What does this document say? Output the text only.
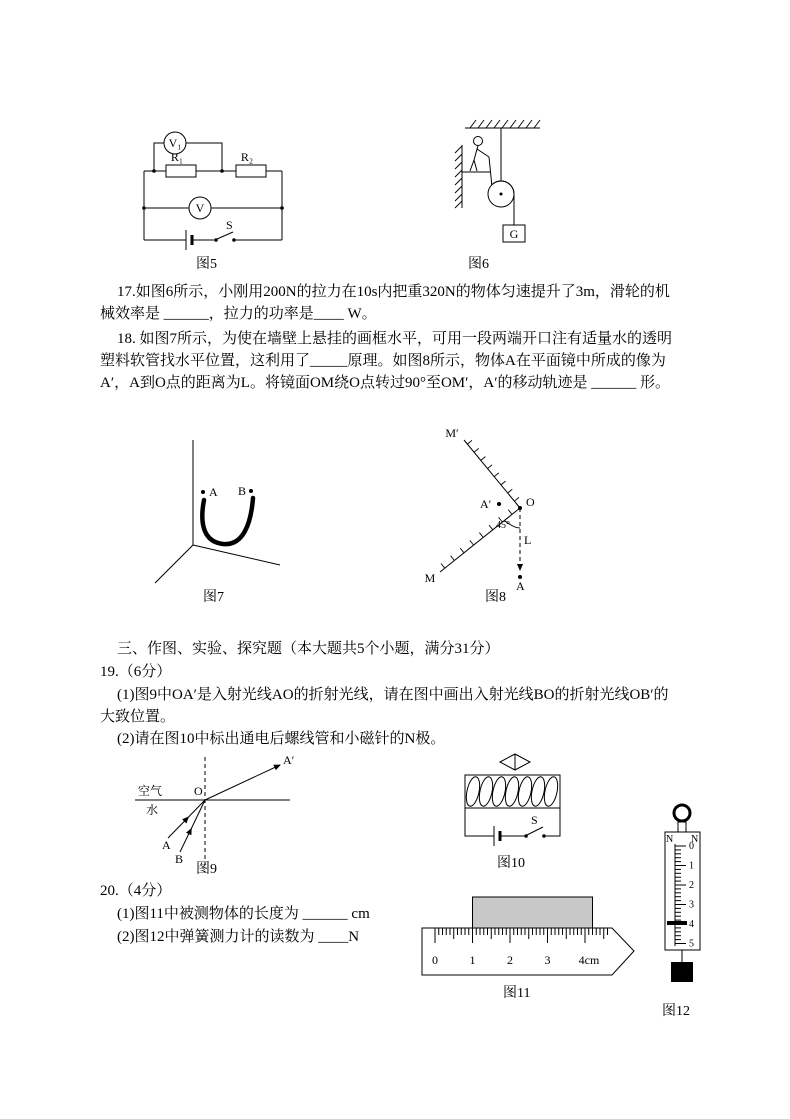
V₁
R₁	R₂
V
S
图5
G
图6

17.如图6所示，小刚用200N的拉力在10s内把重320N的物体匀速提升了3m，滑轮的机械效率是 ______，拉力的功率是____ W。

18. 如图7所示，为使在墙壁上悬挂的画框水平，可用一段两端开口注有适量水的透明塑料软管找水平位置，这利用了_____原理。如图8所示，物体A在平面镜中所成的像为A′，A到O点的距离为L。将镜面OM绕O点转过90°至OM′，A′的移动轨迹是 ______ 形。

A B
图7
M′
M
O
A′
45°
L
A
图8

三、作图、实验、探究题（本大题共5个小题，满分31分）

19.（6分）

(1)图9中OA′是入射光线AO的折射光线，请在图中画出入射光线BO的折射光线OB′的大致位置。

(2)请在图10中标出通电后螺线管和小磁针的N极。

空气
水
O
A′
A
B
图9
S
图10

20.（4分）

(1)图11中被测物体的长度为 ______ cm

(2)图12中弹簧测力计的读数为 ____N

0	1	2	3 4cm
图11
N N
0
1
2
3
4
5
图12
